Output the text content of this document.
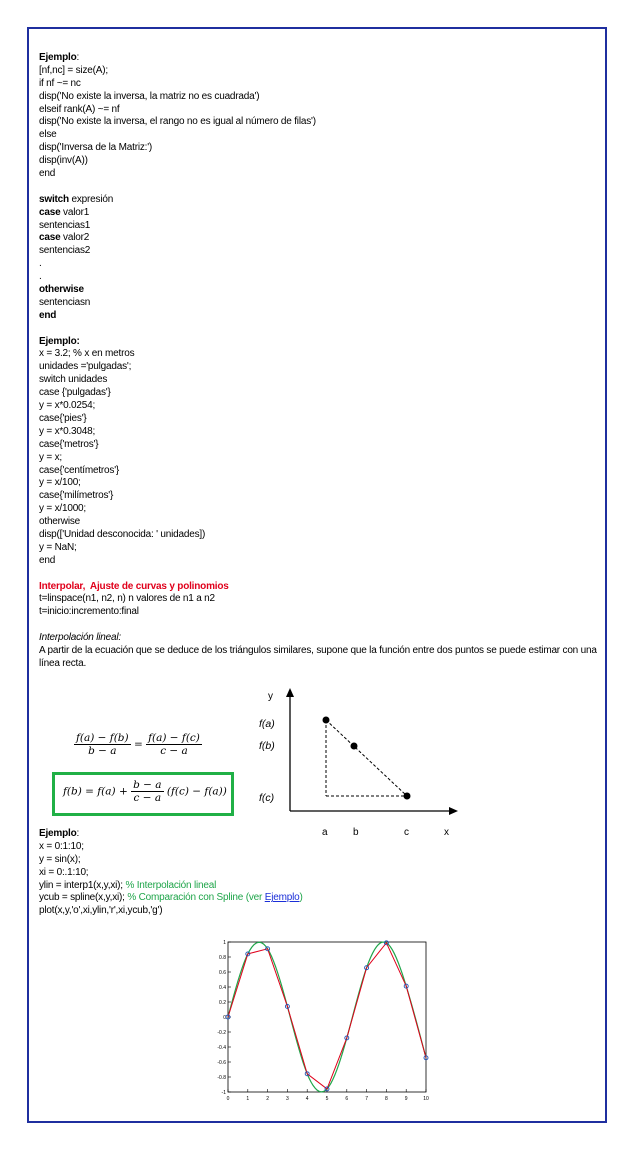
Ejemplo:
[nf,nc] = size(A);
if nf ~= nc
disp('No existe la inversa, la matriz no es cuadrada')
elseif rank(A) ~= nf
disp('No existe la inversa, el rango no es igual al número de filas')
else
disp('Inversa de la Matriz:')
disp(inv(A))
end
switch expresión
case valor1
sentencias1
case valor2
sentencias2
.
.
otherwise
sentenciasn
end
Ejemplo:
x = 3.2; % x en metros
unidades ='pulgadas';
switch unidades
case {'pulgadas'}
y = x*0.0254;
case{'pies'}
y = x*0.3048;
case{'metros'}
y = x;
case{'centímetros'}
y = x/100;
case{'milímetros'}
y = x/1000;
otherwise
disp(['Unidad desconocida: ' unidades])
y = NaN;
end
Interpolar,  Ajuste de curvas y polinomios
t=linspace(n1, n2, n) n valores de n1 a n2
t=inicio:incremento:final
Interpolación lineal:
A partir de la ecuación que se deduce de los triángulos similares, supone que la función entre dos puntos se puede estimar con una línea recta.
$\frac{f(a) - f(b)}{b - a} = \frac{f(a) - f(c)}{c - a}$
$f(b) = f(a) + \frac{b - a}{c - a} (f(c) - f(a))$
y
x
f(a)
f(b)
f(c)
a	b	c
Ejemplo:
x = 0:1:10;
y = sin(x);
xi = 0:.1:10;
ylin = interp1(x,y,xi); % Interpolación lineal
ycub = spline(x,y,xi); % Comparación con Spline (ver Ejemplo)
plot(x,y,'o',xi,ylin,'r',xi,ycub,'g')
0	1	2	3	4	5	6	7	8	9	10
-1
-0.8
-0.6
-0.4
-0.2
0
0.2
0.4
0.6
0.8
1
